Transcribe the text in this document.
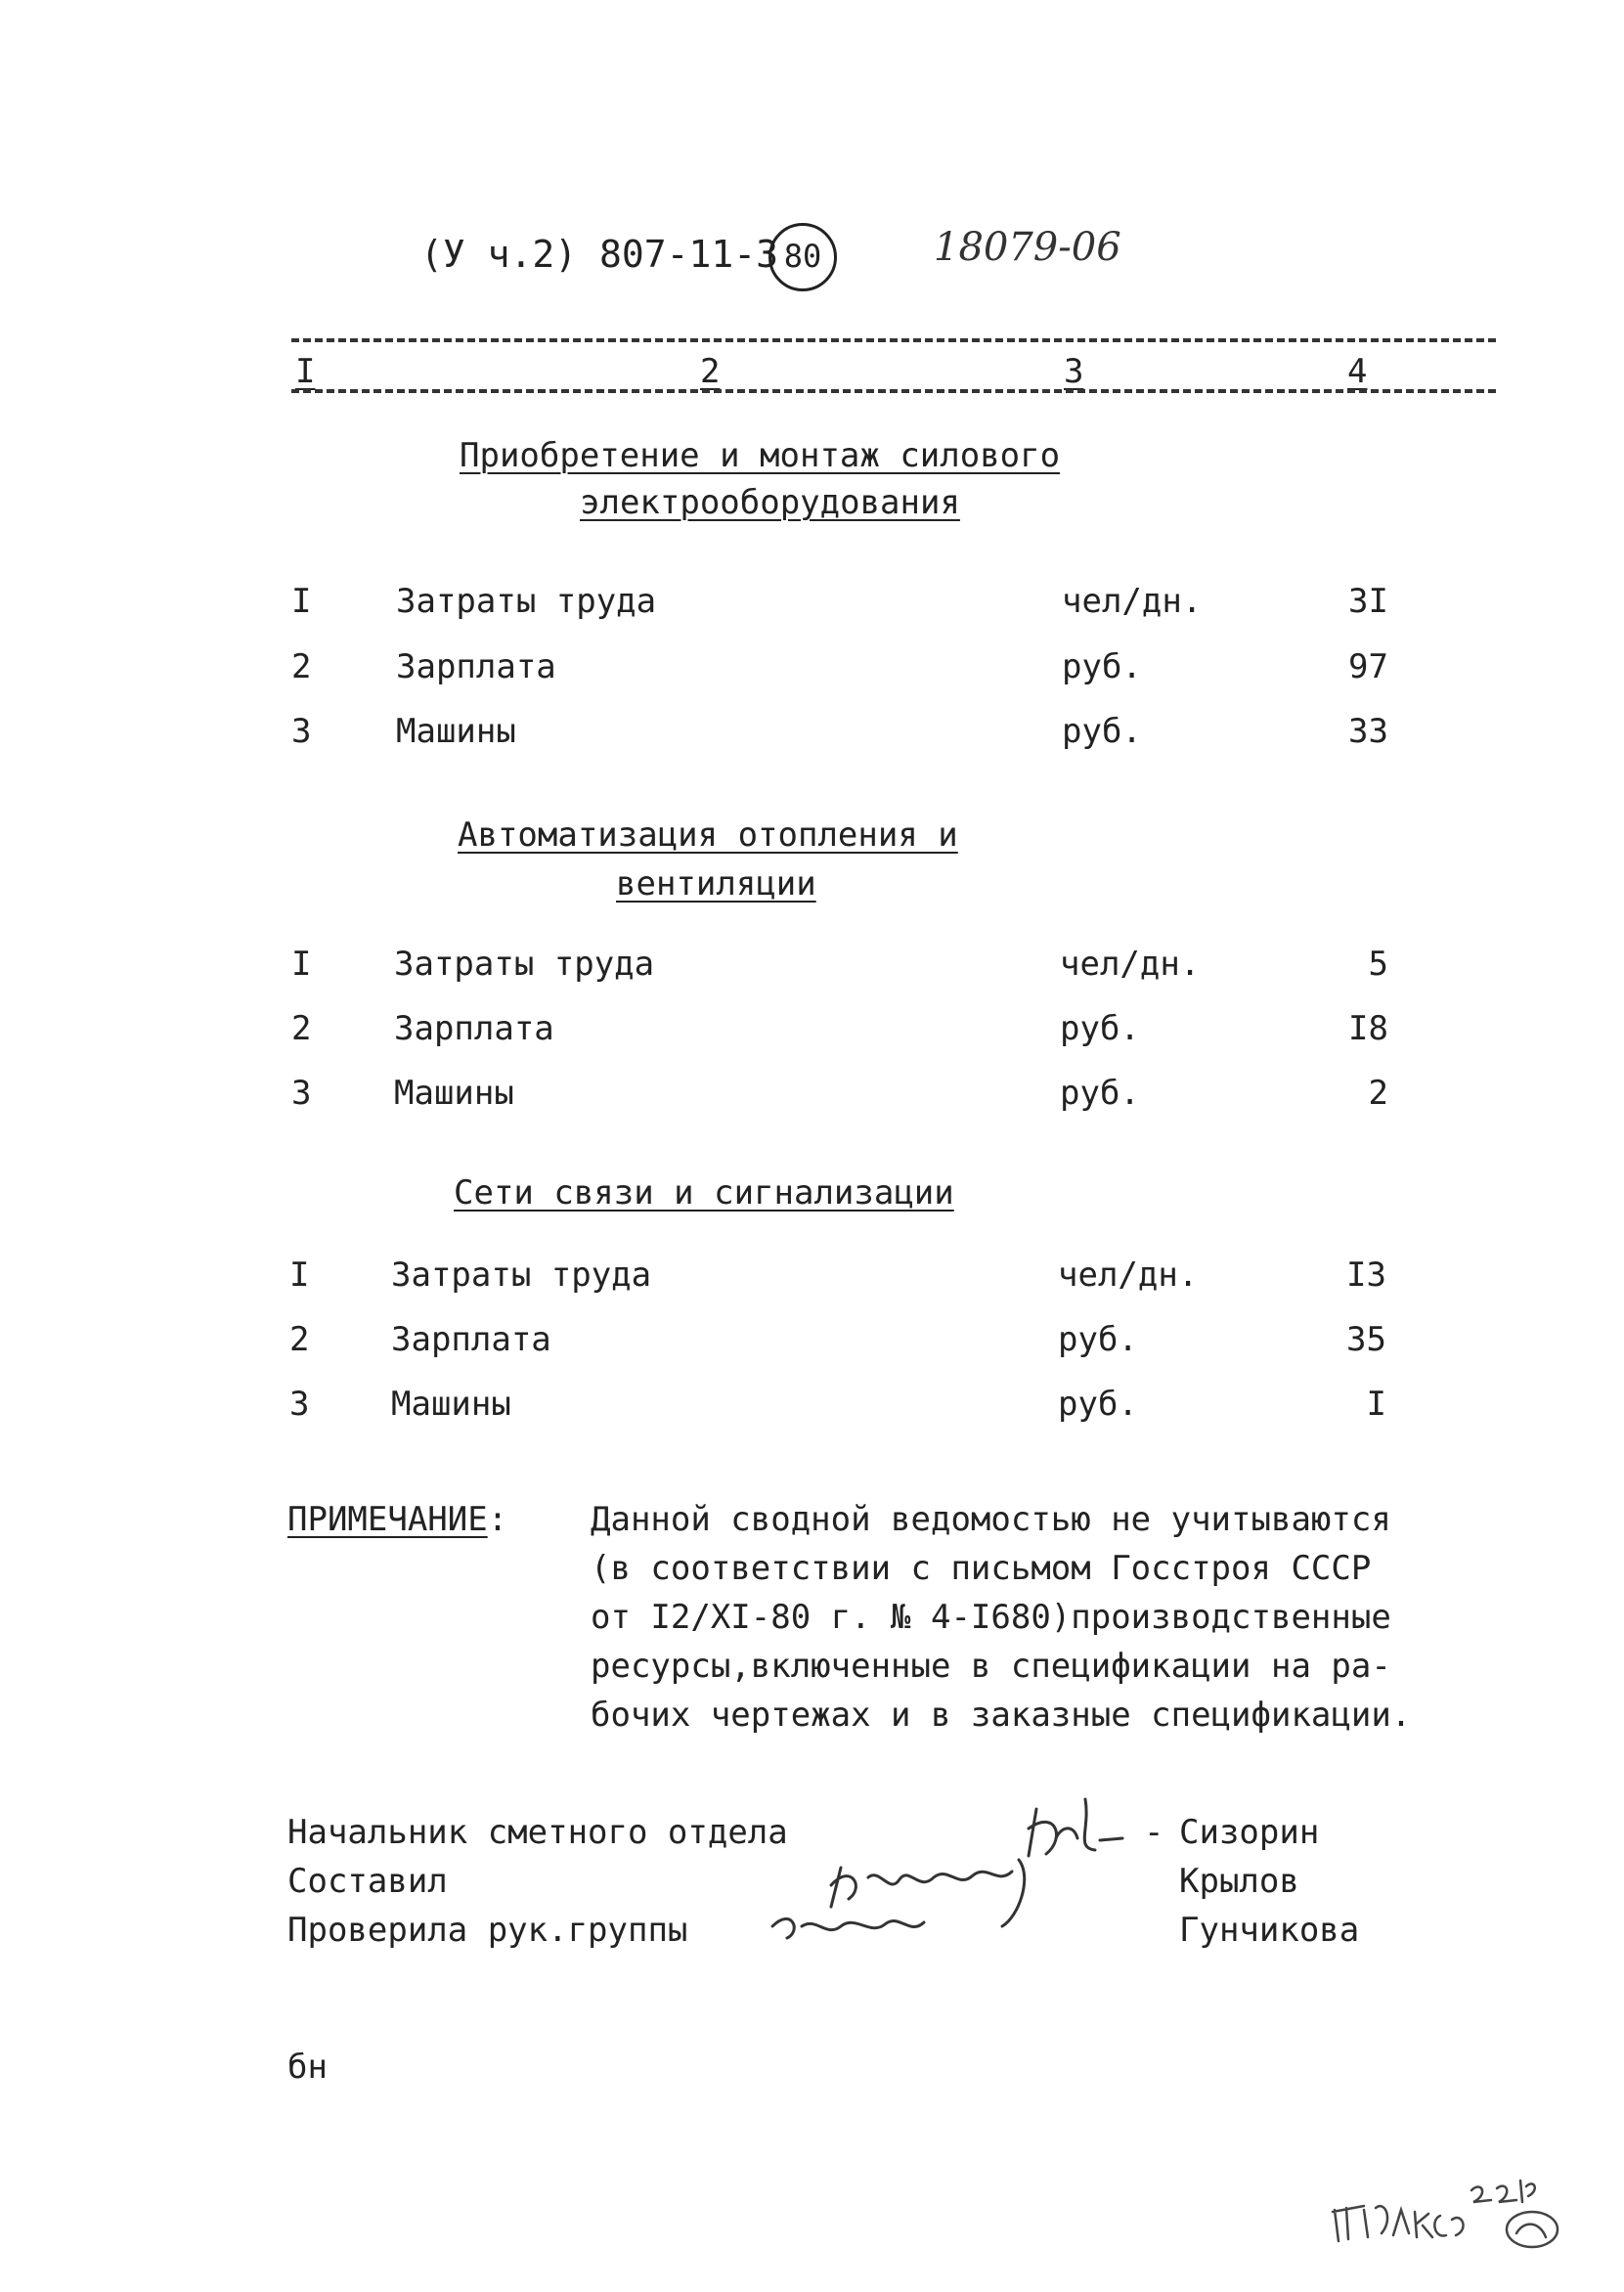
(У ч.2) 807-11-3 80	18079-06
I	2	3	4
Приобретение и монтаж силового
электрооборудования
I	Затраты труда	чел/дн.	3I
2	Зарплата	руб.	97
3	Машины	руб.	33
Автоматизация отопления и
вентиляции
I Затраты труда	чел/дн.	5
2 Зарплата	руб.	I8
3 Машины	руб.	2
Сети связи и сигнализации
I Затраты труда	чел/дн.	I3
2 Зарплата	руб.	35
3 Машины	руб.	I
ПРИМЕЧАНИЕ: Данной сводной ведомостью не учитываются
(в соответствии с письмом Госстроя СССР
от I2/XI-80 г. № 4-I680)производственные
ресурсы,включенные в спецификации на ра-
бочих чертежах и в заказные спецификации.
Начальник сметного отдела	- Сизорин
Составил	Крылов
Проверила рук.группы	Гунчикова
бн
